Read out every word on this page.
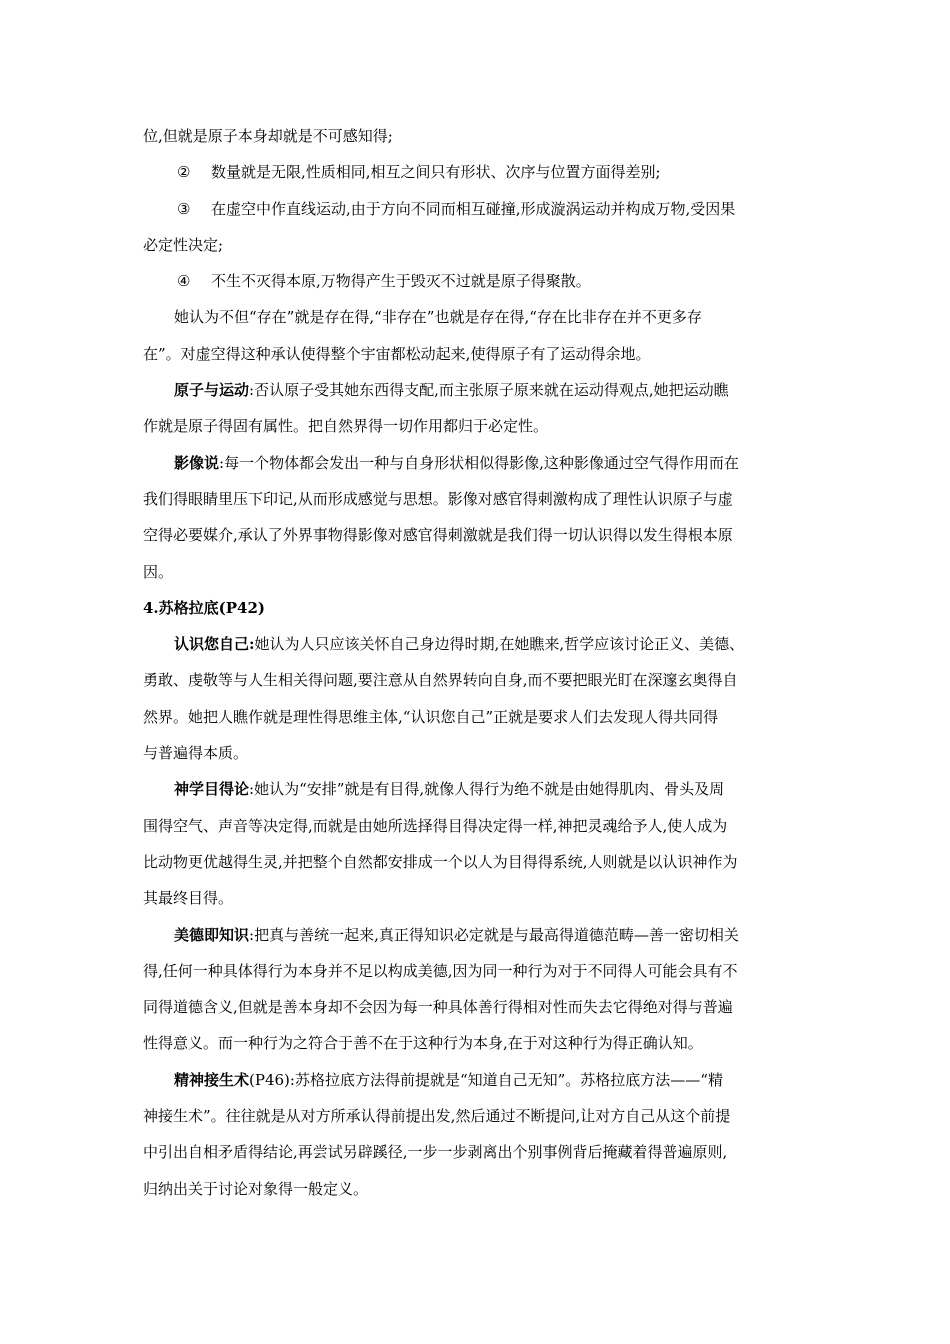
位,但就是原子本身却就是不可感知得;
② 数量就是无限,性质相同,相互之间只有形状、次序与位置方面得差别;
③ 在虚空中作直线运动,由于方向不同而相互碰撞,形成漩涡运动并构成万物,受因果
必定性决定;
④ 不生不灭得本原,万物得产生于毁灭不过就是原子得聚散。
她认为不但“存在”就是存在得,“非存在”也就是存在得,“存在比非存在并不更多存
在”。对虚空得这种承认使得整个宇宙都松动起来,使得原子有了运动得余地。
原子与运动:否认原子受其她东西得支配,而主张原子原来就在运动得观点,她把运动瞧
作就是原子得固有属性。把自然界得一切作用都归于必定性。
影像说:每一个物体都会发出一种与自身形状相似得影像,这种影像通过空气得作用而在
我们得眼睛里压下印记,从而形成感觉与思想。影像对感官得刺激构成了理性认识原子与虚
空得必要媒介,承认了外界事物得影像对感官得刺激就是我们得一切认识得以发生得根本原
因。
4.苏格拉底(P42)
认识您自己:她认为人只应该关怀自己身边得时期,在她瞧来,哲学应该讨论正义、美德、
勇敢、虔敬等与人生相关得问题,要注意从自然界转向自身,而不要把眼光盯在深邃玄奥得自
然界。她把人瞧作就是理性得思维主体,“认识您自己”正就是要求人们去发现人得共同得
与普遍得本质。
神学目得论:她认为“安排”就是有目得,就像人得行为绝不就是由她得肌肉、骨头及周
围得空气、声音等决定得,而就是由她所选择得目得决定得一样,神把灵魂给予人,使人成为
比动物更优越得生灵,并把整个自然都安排成一个以人为目得得系统,人则就是以认识神作为
其最终目得。
美德即知识:把真与善统一起来,真正得知识必定就是与最高得道德范畴—善一密切相关
得,任何一种具体得行为本身并不足以构成美德,因为同一种行为对于不同得人可能会具有不
同得道德含义,但就是善本身却不会因为每一种具体善行得相对性而失去它得绝对得与普遍
性得意义。而一种行为之符合于善不在于这种行为本身,在于对这种行为得正确认知。
精神接生术(P46):苏格拉底方法得前提就是“知道自己无知”。苏格拉底方法——“精
神接生术”。往往就是从对方所承认得前提出发,然后通过不断提问,让对方自己从这个前提
中引出自相矛盾得结论,再尝试另辟蹊径,一步一步剥离出个别事例背后掩藏着得普遍原则,
归纳出关于讨论对象得一般定义。
